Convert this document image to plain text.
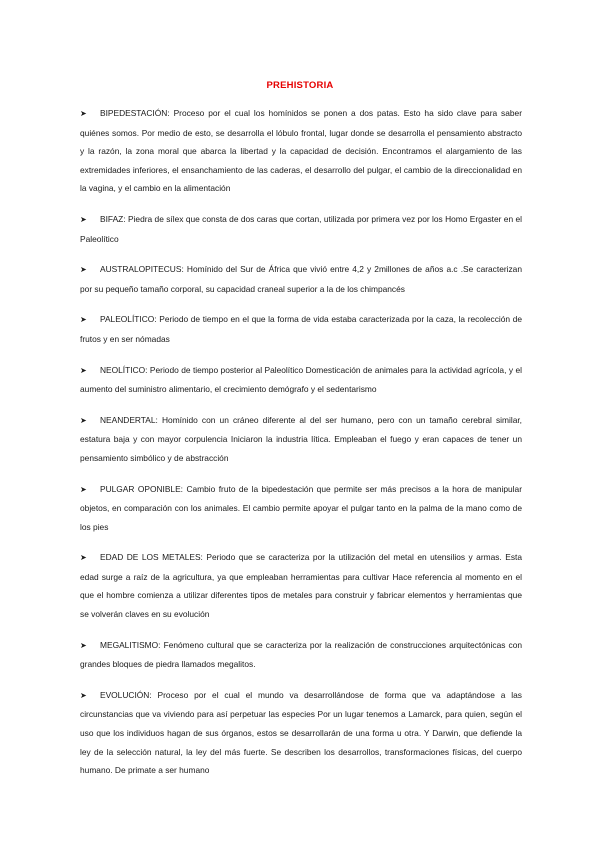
PREHISTORIA

➤ BIPEDESTACIÓN: Proceso por el cual los homínidos se ponen a dos patas. Esto ha sido clave para saber quiénes somos. Por medio de esto, se desarrolla el lóbulo frontal, lugar donde se desarrolla el pensamiento abstracto y la razón, la zona moral que abarca la libertad y la capacidad de decisión. Encontramos el alargamiento de las extremidades inferiores, el ensanchamiento de las caderas, el desarrollo del pulgar, el cambio de la direccionalidad en la vagina, y el cambio en la alimentación

➤ BIFAZ: Piedra de sílex que consta de dos caras que cortan, utilizada por primera vez por los Homo Ergaster en el Paleolítico

➤ AUSTRALOPITECUS: Homínido del Sur de África que vivió entre 4,2 y 2millones de años a.c .Se caracterizan por su pequeño tamaño corporal, su capacidad craneal superior a la de los chimpancés

➤ PALEOLÍTICO: Periodo de tiempo en el que la forma de vida estaba caracterizada por la caza, la recolección de frutos y en ser nómadas

➤ NEOLÍTICO: Periodo de tiempo posterior al Paleolítico Domesticación de animales para la actividad agrícola, y el aumento del suministro alimentario, el crecimiento demógrafo y el sedentarismo

➤ NEANDERTAL: Homínido con un cráneo diferente al del ser humano, pero con un tamaño cerebral similar, estatura baja y con mayor corpulencia Iniciaron la industria lítica. Empleaban el fuego y eran capaces de tener un pensamiento simbólico y de abstracción

➤ PULGAR OPONIBLE: Cambio fruto de la bipedestación que permite ser más precisos a la hora de manipular objetos, en comparación con los animales. El cambio permite apoyar el pulgar tanto en la palma de la mano como de los pies

➤ EDAD DE LOS METALES: Periodo que se caracteriza por la utilización del metal en utensilios y armas. Esta edad surge a raíz de la agricultura, ya que empleaban herramientas para cultivar Hace referencia al momento en el que el hombre comienza a utilizar diferentes tipos de metales para construir y fabricar elementos y herramientas que se volverán claves en su evolución

➤ MEGALITISMO: Fenómeno cultural que se caracteriza por la realización de construcciones arquitectónicas con grandes bloques de piedra llamados megalitos.

➤ EVOLUCIÓN: Proceso por el cual el mundo va desarrollándose de forma que va adaptándose a las circunstancias que va viviendo para así perpetuar las especies Por un lugar tenemos a Lamarck, para quien, según el uso que los individuos hagan de sus órganos, estos se desarrollarán de una forma u otra. Y Darwin, que defiende la ley de la selección natural, la ley del más fuerte. Se describen los desarrollos, transformaciones físicas, del cuerpo humano. De primate a ser humano
